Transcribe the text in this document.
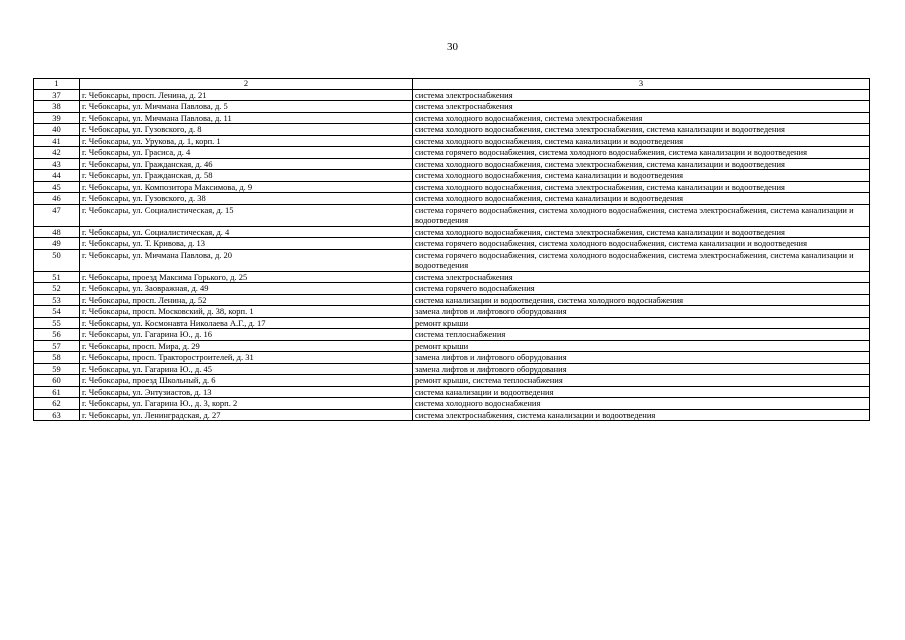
30
1	2	3
37	г. Чебоксары, просп. Ленина, д. 21	система электроснабжения
38	г. Чебоксары, ул. Мичмана Павлова, д. 5	система электроснабжения
39	г. Чебоксары, ул. Мичмана Павлова, д. 11	система холодного водоснабжения, система электроснабжения
40	г. Чебоксары, ул. Гузовского, д. 8	система холодного водоснабжения, система электроснабжения, система канализации и водоотведения
41	г. Чебоксары, ул. Урукова, д. 1, корп. 1	система холодного водоснабжения, система канализации и водоотведения
42	г. Чебоксары, ул. Грасиса, д. 4	система горячего водоснабжения, система холодного водоснабжения, система канализации и водоотведения
43	г. Чебоксары, ул. Гражданская, д. 46	система холодного водоснабжения, система электроснабжения, система канализации и водоотведения
44	г. Чебоксары, ул. Гражданская, д. 58	система холодного водоснабжения, система канализации и водоотведения
45	г. Чебоксары, ул. Композитора Максимова, д. 9	система холодного водоснабжения, система электроснабжения, система канализации и водоотведения
46	г. Чебоксары, ул. Гузовского, д. 38	система холодного водоснабжения, система канализации и водоотведения
47	г. Чебоксары, ул. Социалистическая, д. 15	система горячего водоснабжения, система холодного водоснабжения, система электроснабжения, система канализации и водоотведения
48	г. Чебоксары, ул. Социалистическая, д. 4	система холодного водоснабжения, система электроснабжения, система канализации и водоотведения
49	г. Чебоксары, ул. Т. Кривова, д. 13	система горячего водоснабжения, система холодного водоснабжения, система канализации и водоотведения
50	г. Чебоксары, ул. Мичмана Павлова, д. 20	система горячего водоснабжения, система холодного водоснабжения, система электроснабжения, система канализации и водоотведения
51	г. Чебоксары, проезд Максима Горького, д. 25	система электроснабжения
52	г. Чебоксары, ул. Заовражная, д. 49	система горячего водоснабжения
53	г. Чебоксары, просп. Ленина, д. 52	система канализации и водоотведения, система холодного водоснабжения
54	г. Чебоксары, просп. Московский, д. 38, корп. 1	замена лифтов и лифтового оборудования
55	г. Чебоксары, ул. Космонавта Николаева А.Г., д. 17	ремонт крыши
56	г. Чебоксары, ул. Гагарина Ю., д. 16	система теплоснабжения
57	г. Чебоксары, просп. Мира, д. 29	ремонт крыши
58	г. Чебоксары, просп. Тракторостроителей, д. 31	замена лифтов и лифтового оборудования
59	г. Чебоксары, ул. Гагарина Ю., д. 45	замена лифтов и лифтового оборудования
60	г. Чебоксары, проезд Школьный, д. 6	ремонт крыши, система теплоснабжения
61	г. Чебоксары, ул. Энтузиастов, д. 13	система канализации и водоотведения
62	г. Чебоксары, ул. Гагарина Ю., д. 3, корп. 2	система холодного водоснабжения
63	г. Чебоксары, ул. Ленинградская, д. 27	система электроснабжения, система канализации и водоотведения
